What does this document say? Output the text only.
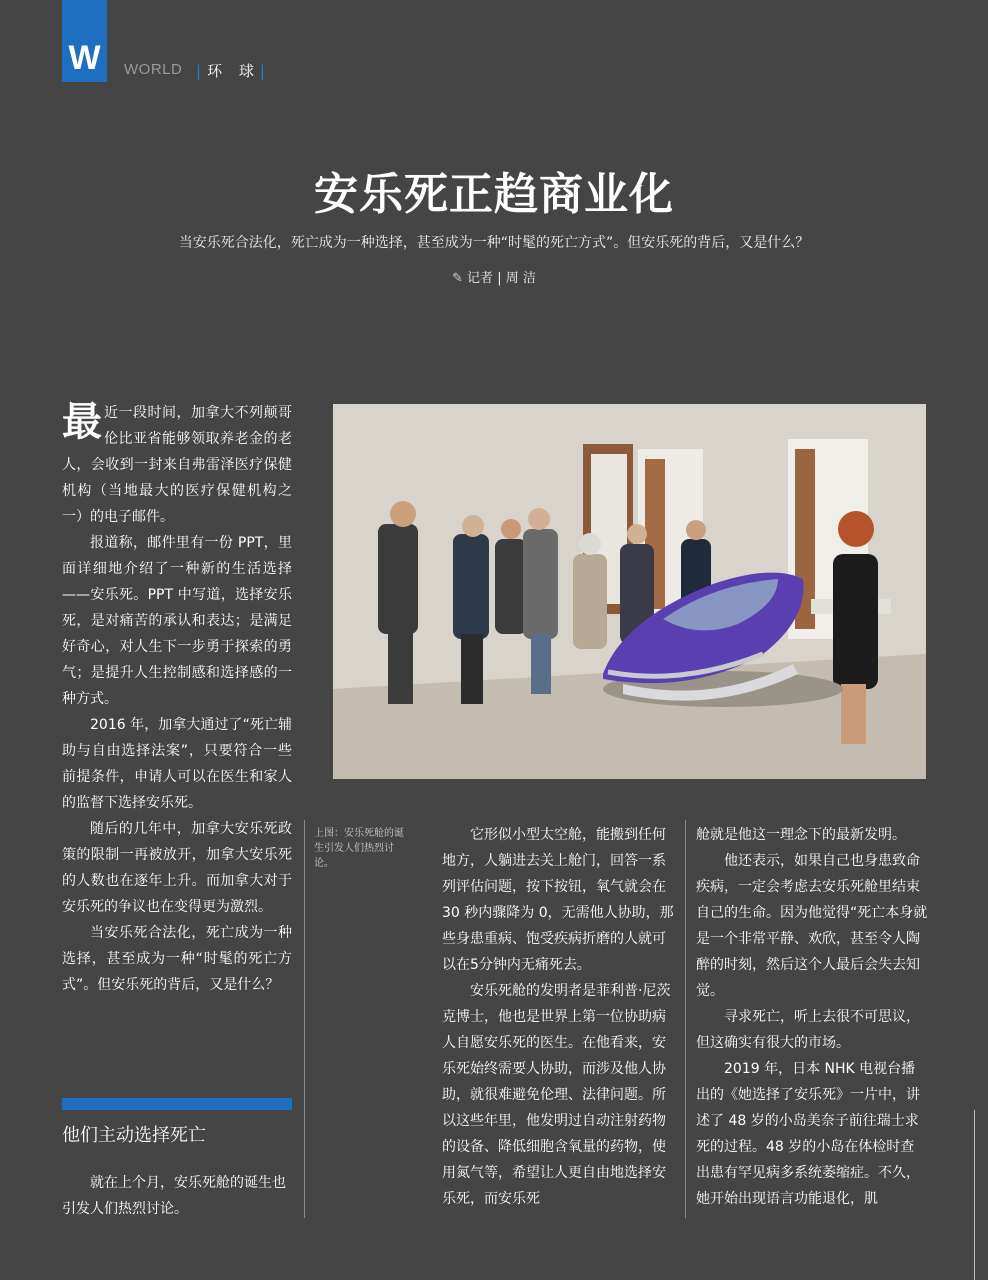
W	WORLD |环 球|
安乐死正趋商业化
当安乐死合法化，死亡成为一种选择，甚至成为一种“时髦的死亡方式”。但安乐死的背后，又是什么？
✎ 记者 | 周 洁

最近一段时间，加拿大不列颠哥伦比亚省能够领取养老金的老人，会收到一封来自弗雷泽医疗保健机构（当地最大的医疗保健机构之一）的电子邮件。

报道称，邮件里有一份 PPT，里面详细地介绍了一种新的生活选择——安乐死。PPT 中写道，选择安乐死，是对痛苦的承认和表达；是满足好奇心，对人生下一步勇于探索的勇气；是提升人生控制感和选择感的一种方式。

2016 年，加拿大通过了“死亡辅助与自由选择法案”，只要符合一些前提条件，申请人可以在医生和家人的监督下选择安乐死。

随后的几年中，加拿大安乐死政策的限制一再被放开，加拿大安乐死的人数也在逐年上升。而加拿大对于安乐死的争议也在变得更为激烈。

当安乐死合法化，死亡成为一种选择，甚至成为一种“时髦的死亡方式”。但安乐死的背后，又是什么？

上图：安乐死舱的诞生引发人们热烈讨论。

它形似小型太空舱，能搬到任何地方，人躺进去关上舱门，回答一系列评估问题，按下按钮，氧气就会在 30 秒内骤降为 0，无需他人协助，那些身患重病、饱受疾病折磨的人就可以在5分钟内无痛死去。

安乐死舱的发明者是菲利普·尼茨克博士，他也是世界上第一位协助病人自愿安乐死的医生。在他看来，安乐死始终需要人协助，而涉及他人协助，就很难避免伦理、法律问题。所以这些年里，他发明过自动注射药物的设备、降低细胞含氧量的药物，使用氮气等，希望让人更自由地选择安乐死，而安乐死

舱就是他这一理念下的最新发明。

他还表示，如果自己也身患致命疾病，一定会考虑去安乐死舱里结束自己的生命。因为他觉得“死亡本身就是一个非常平静、欢欣，甚至令人陶醉的时刻，然后这个人最后会失去知觉。

寻求死亡，听上去很不可思议，但这确实有很大的市场。

2019 年，日本 NHK 电视台播出的《她选择了安乐死》一片中，讲述了 48 岁的小岛美奈子前往瑞士求死的过程。48 岁的小岛在体检时查出患有罕见病多系统萎缩症。不久，她开始出现语言功能退化，肌

他们主动选择死亡

就在上个月，安乐死舱的诞生也引发人们热烈讨论。
